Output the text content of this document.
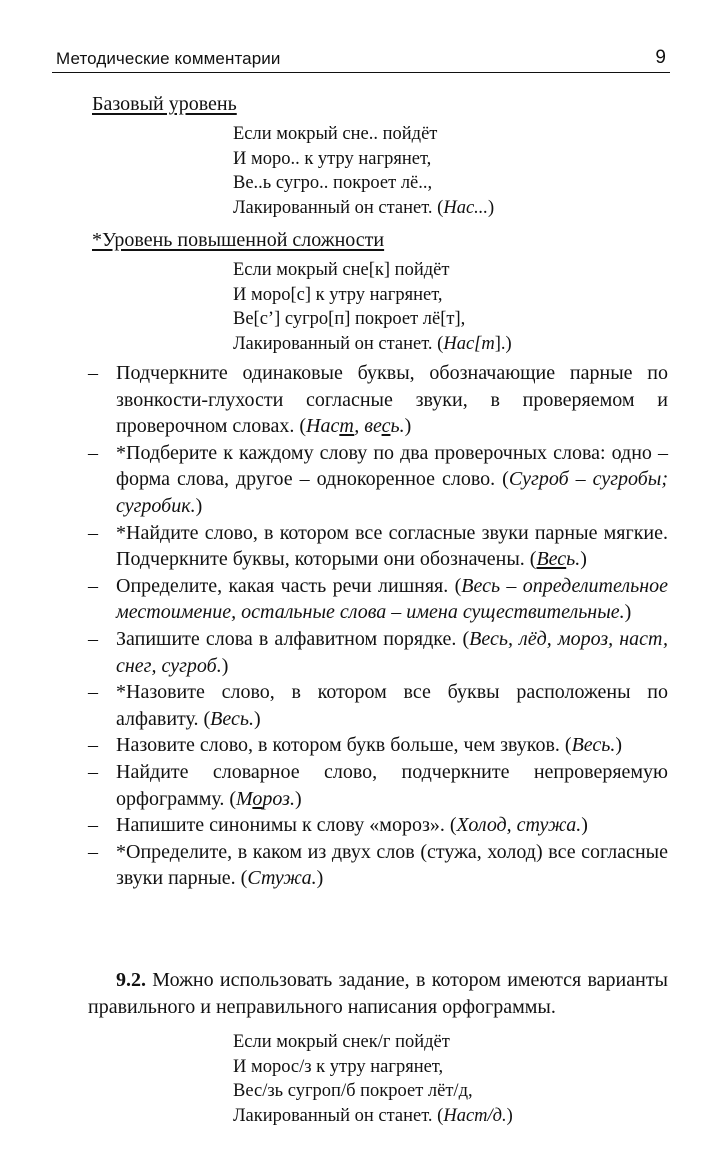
Методические комментарии	9
Базовый уровень
Если мокрый сне.. пойдёт
И моро.. к утру нагрянет,
Ве..ь сугро.. покроет лё..,
Лакированный он станет. (Нас...)
*Уровень повышенной сложности
Если мокрый сне[к] пойдёт
И моро[с] к утру нагрянет,
Ве[с’] сугро[п] покроет лё[т],
Лакированный он станет. (Нас[т].)
– Подчеркните одинаковые буквы, обозначающие парные по звонкости-глухости согласные звуки, в проверяемом и проверочном словах. (Наст, весь.)
– *Подберите к каждому слову по два проверочных слова: одно – форма слова, другое – однокоренное слово. (Сугроб – сугробы; сугробик.)
– *Найдите слово, в котором все согласные звуки парные мягкие. Подчеркните буквы, которыми они обозначены. (Весь.)
– Определите, какая часть речи лишняя. (Весь – определительное местоимение, остальные слова – имена существительные.)
– Запишите слова в алфавитном порядке. (Весь, лёд, мороз, наст, снег, сугроб.)
– *Назовите слово, в котором все буквы расположены по алфавиту. (Весь.)
– Назовите слово, в котором букв больше, чем звуков. (Весь.)
– Найдите словарное слово, подчеркните непроверяемую орфограмму. (Мороз.)
– Напишите синонимы к слову «мороз». (Холод, стужа.)
– *Определите, в каком из двух слов (стужа, холод) все согласные звуки парные. (Стужа.)
9.2. Можно использовать задание, в котором имеются варианты правильного и неправильного написания орфограммы.
Если мокрый снек/г пойдёт
И морос/з к утру нагрянет,
Вес/зь сугроп/б покроет лёт/д,
Лакированный он станет. (Наст/д.)
